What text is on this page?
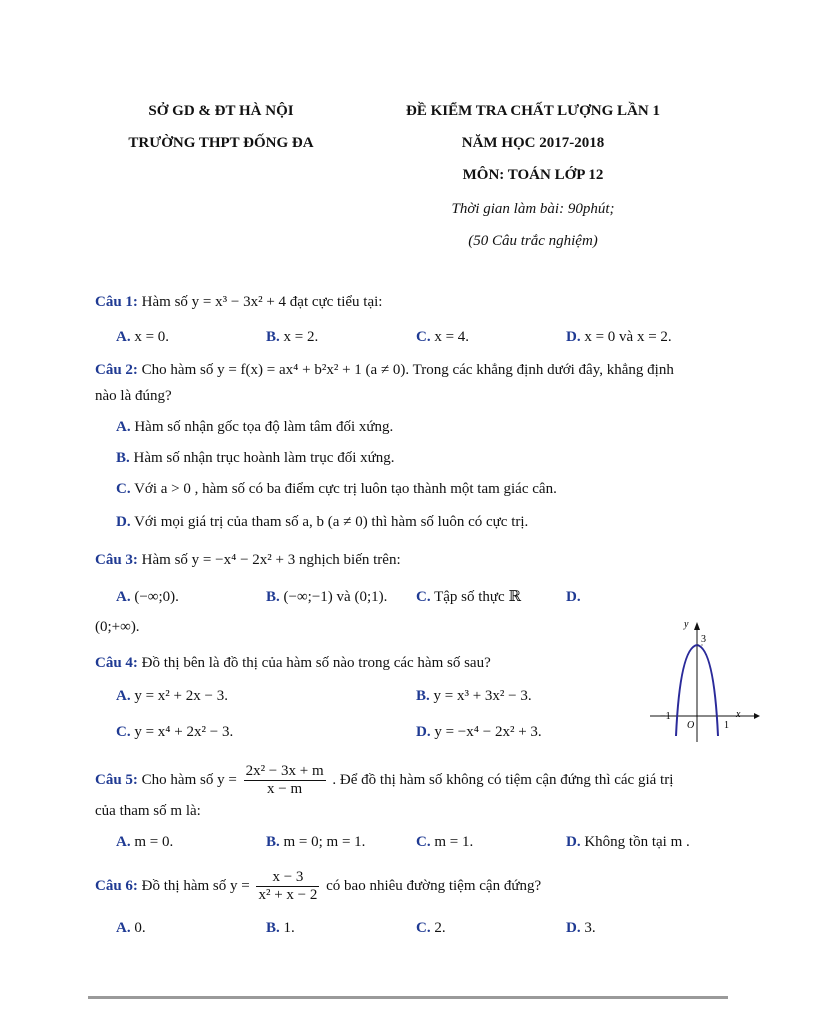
SỞ GD & ĐT HÀ NỘI
TRƯỜNG THPT ĐỐNG ĐA
ĐỀ KIỂM TRA CHẤT LƯỢNG LẦN 1
NĂM HỌC 2017-2018
MÔN: TOÁN LỚP 12
Thời gian làm bài: 90phút;
(50 Câu trắc nghiệm)
Câu 1: Hàm số y = x³ − 3x² + 4 đạt cực tiểu tại:
A. x = 0.	B. x = 2.	C. x = 4.	D. x = 0 và x = 2.
Câu 2: Cho hàm số y = f(x) = ax⁴ + b²x² + 1 (a ≠ 0). Trong các khẳng định dưới đây, khẳng định
nào là đúng?
A. Hàm số nhận gốc tọa độ làm tâm đối xứng.
B. Hàm số nhận trục hoành làm trục đối xứng.
C. Với a > 0 , hàm số có ba điểm cực trị luôn tạo thành một tam giác cân.
D. Với mọi giá trị của tham số a, b (a ≠ 0) thì hàm số luôn có cực trị.
Câu 3: Hàm số y = −x⁴ − 2x² + 3 nghịch biến trên:
A. (−∞;0).	B. (−∞;−1) và (0;1). C. Tập số thực ℝ	D.
(0;+∞).
Câu 4: Đồ thị bên là đồ thị của hàm số nào trong các hàm số sau?
A. y = x² + 2x − 3.	B. y = x³ + 3x² − 3.
C. y = x⁴ + 2x² − 3.	D. y = −x⁴ − 2x² + 3.
y
3
x
−1
O	1
Câu 5: Cho hàm số $y = \frac{\text{2x² − 3x + m}}{x - m}$ . Để đồ thị hàm số không có tiệm cận đứng thì các giá trị
của tham số m là:
A. m = 0.	B. m = 0; m = 1.	C. m = 1.	D. Không tồn tại m .
Câu 6: Đồ thị hàm số $y = \frac{x - 3}{\text{x² + x − 2}}$ có bao nhiêu đường tiệm cận đứng?
A. 0.	B. 1.	C. 2.	D. 3.
